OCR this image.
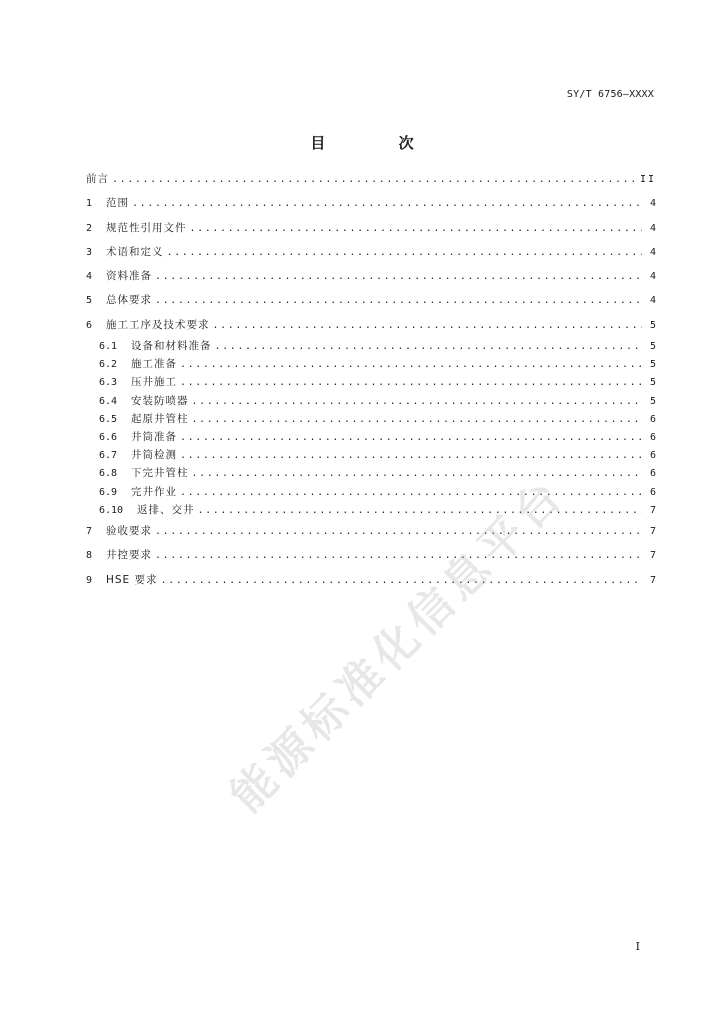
SY/T 6756—XXXX
目 次
前言 .....	II
1	范围 .....	4
2	规范性引用文件 .....	4
3	术语和定义 .....	4
4	资料准备 .....	4
5	总体要求 .....	4
6	施工工序及技术要求 .....	5
6.1	设备和材料准备 .....	5
6.2	施工准备 .....	5
6.3	压井施工 .....	5
6.4	安装防喷器 .....	5
6.5	起原井管柱 .....	6
6.6	井筒准备 .....	6
6.7	井筒检测 .....	6
6.8	下完井管柱 .....	6
6.9	完井作业 .....	6
6.10	返排、交井 .....	7
7	验收要求 .....	7
8	井控要求 .....	7
9	HSE 要求 .....	7
能源标准化信息平台
I
